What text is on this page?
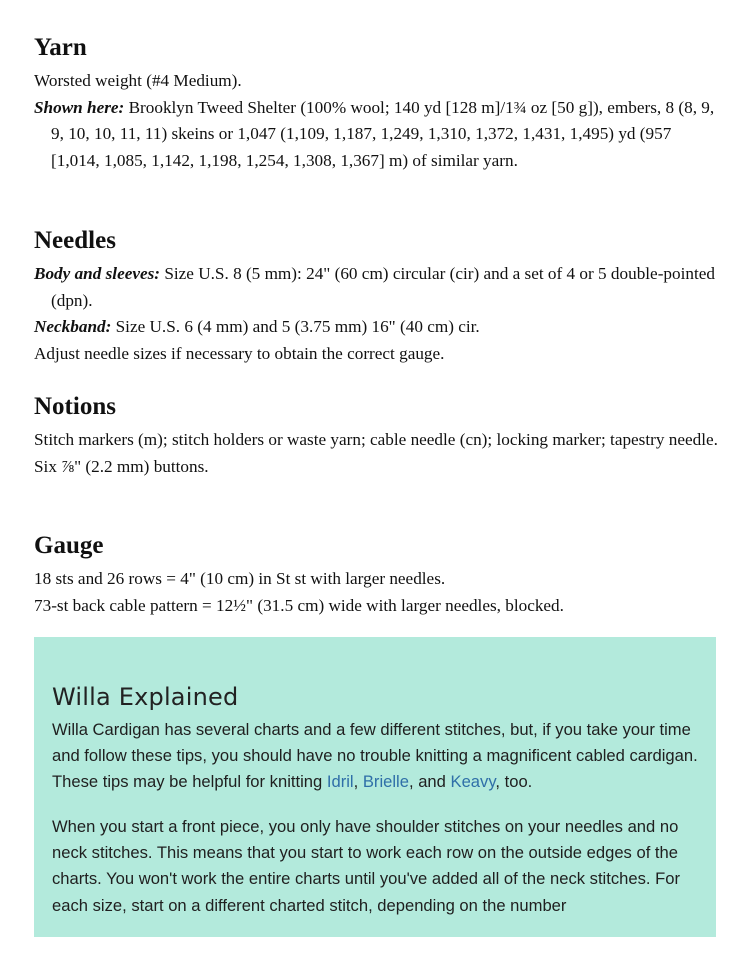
Yarn

Worsted weight (#4 Medium).

Shown here: Brooklyn Tweed Shelter (100% wool; 140 yd [128 m]/1¾ oz [50 g]), embers, 8 (8, 9, 9, 10, 10, 11, 11) skeins or 1,047 (1,109, 1,187, 1,249, 1,310, 1,372, 1,431, 1,495) yd (957 [1,014, 1,085, 1,142, 1,198, 1,254, 1,308, 1,367] m) of similar yarn.

Needles

Body and sleeves: Size U.S. 8 (5 mm): 24" (60 cm) circular (cir) and a set of 4 or 5 double-pointed (dpn).

Neckband: Size U.S. 6 (4 mm) and 5 (3.75 mm) 16" (40 cm) cir.

Adjust needle sizes if necessary to obtain the correct gauge.

Notions

Stitch markers (m); stitch holders or waste yarn; cable needle (cn); locking marker; tapestry needle.

Six ⅞" (2.2 mm) buttons.

Gauge

18 sts and 26 rows = 4" (10 cm) in St st with larger needles.

73-st back cable pattern = 12½" (31.5 cm) wide with larger needles, blocked.

Willa Explained

Willa Cardigan has several charts and a few different stitches, but, if you take your time and follow these tips, you should have no trouble knitting a magnificent cabled cardigan. These tips may be helpful for knitting Idril, Brielle, and Keavy, too.

When you start a front piece, you only have shoulder stitches on your needles and no neck stitches. This means that you start to work each row on the outside edges of the charts. You won't work the entire charts until you've added all of the neck stitches. For each size, start on a different charted stitch, depending on the number
